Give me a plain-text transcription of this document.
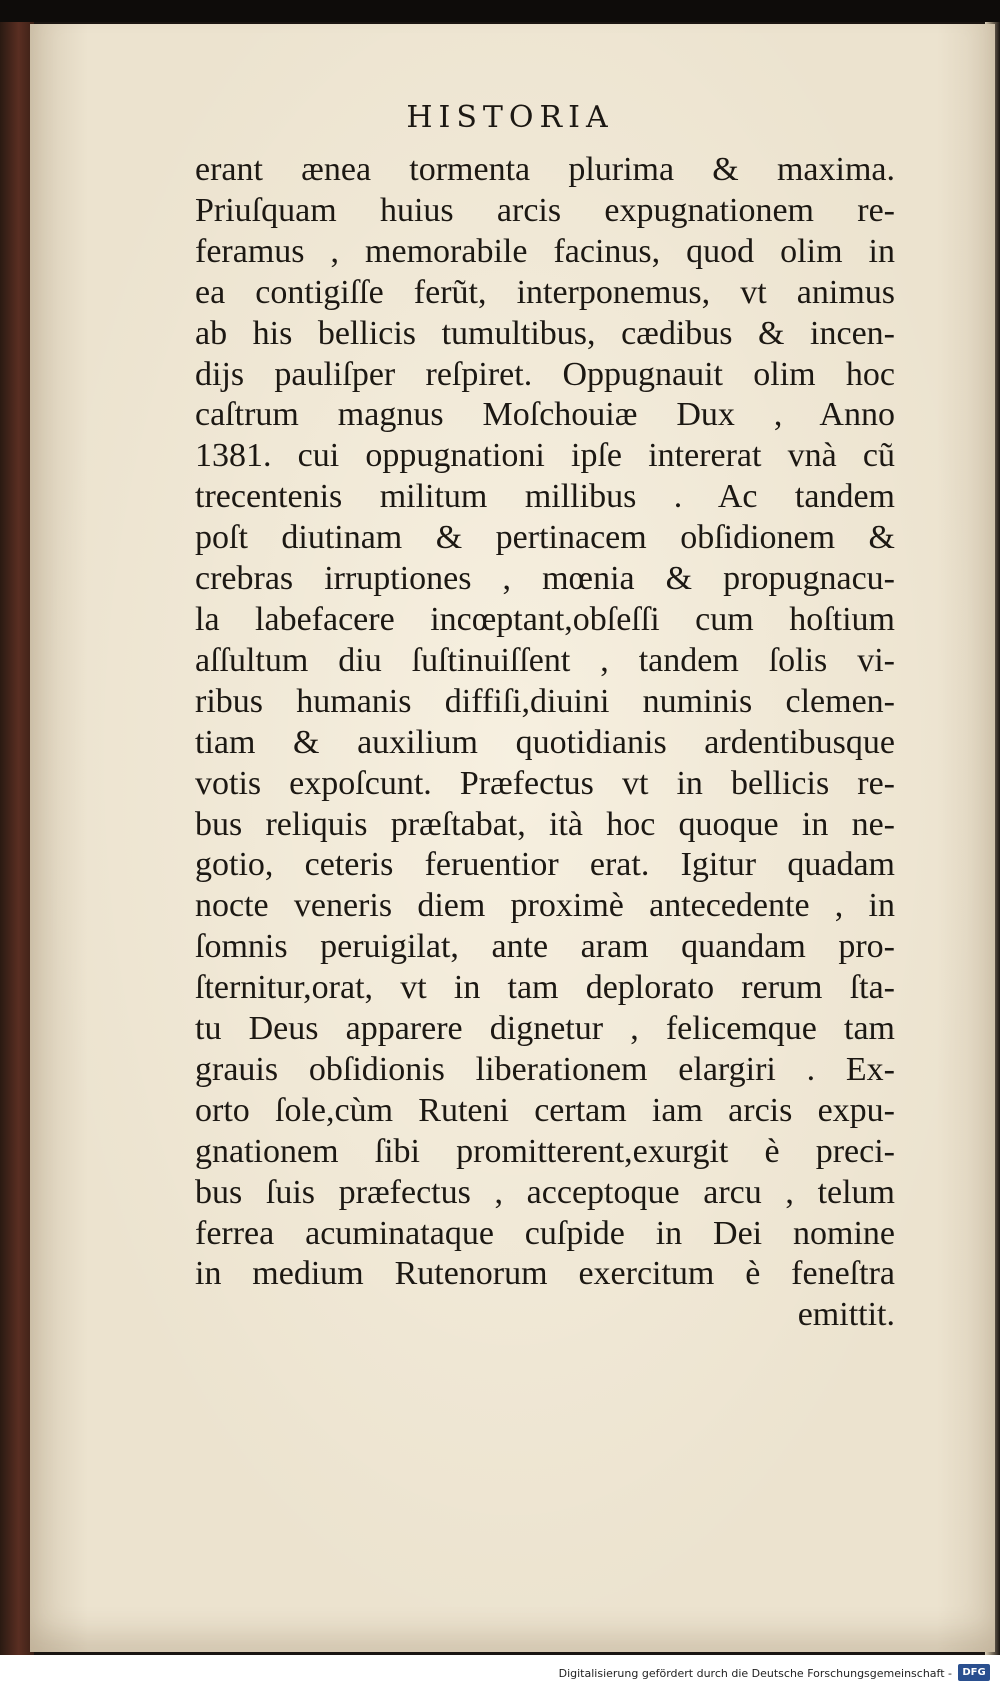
HISTORIA
erant æneа tormenta plurima & maxima.
Priuſquam huius arcis expugnationem re-
feramus , memorabile facinus, quod olim in
ea contigiſſe ferũt, interponemus, vt animus
ab his bellicis tumultibus, cædibus & incen-
dijs pauliſper reſpiret. Oppugnauit olim hoc
caſtrum magnus Moſchouiæ Dux , Anno
1381. cui oppugnationi ipſe intererat vnà cũ
trecentenis militum millibus . Ac tandem
poſt diutinam & pertinacem obſidionem &
crebras irruptiones , mœnia & propugnacu-
la labefacere incœptant,obſeſſi cum hoſtium
aſſultum diu ſuſtinuiſſent , tandem ſolis vi-
ribus humanis diffiſi,diuini numinis clemen-
tiam & auxilium quotidianis ardentibusque
votis expoſcunt. Præfectus vt in bellicis re-
bus reliquis præſtabat, ità hoc quoque in ne-
gotio, ceteris feruentior erat. Igitur quadam
nocte veneris diem proximè antecedente , in
ſomnis peruigilat, ante aram quandam pro-
ſternitur,orat, vt in tam deplorato rerum ſta-
tu Deus apparere dignetur , felicemque tam
grauis obſidionis liberationem elargiri . Ex-
orto ſole,cùm Ruteni certam iam arcis expu-
gnationem ſibi promitterent,exurgit è preci-
bus ſuis præfectus , acceptoque arcu , telum
ferrea acuminataque cuſpide in Dei nomine
in medium Rutenorum exercitum è feneſtra
emittit.

Digitalisierung gefördert durch die Deutsche Forschungsgemeinschaft -	DFG
